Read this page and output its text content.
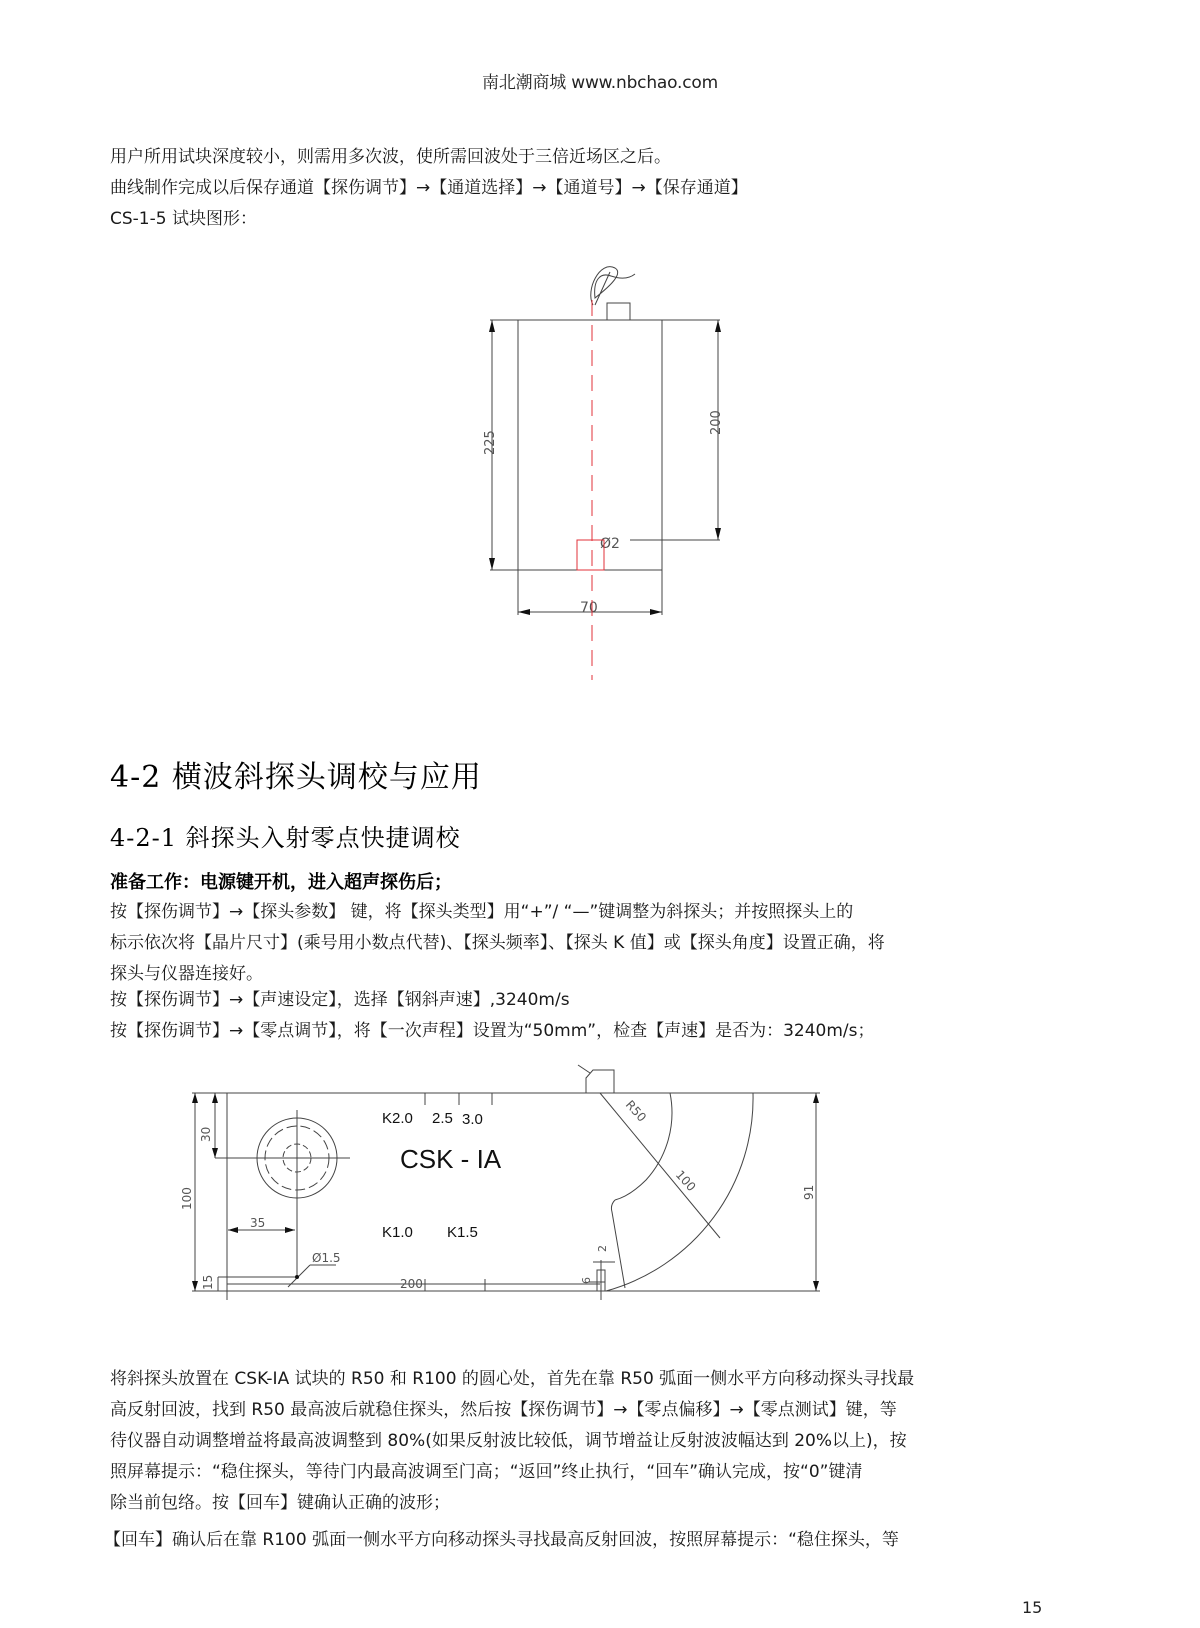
南北潮商城 www.nbchao.com
用户所用试块深度较小，则需用多次波，使所需回波处于三倍近场区之后。
曲线制作完成以后保存通道【探伤调节】→【通道选择】→【通道号】→【保存通道】
CS-1-5 试块图形：
225
200
Ø2
70
4-2 横波斜探头调校与应用
4-2-1 斜探头入射零点快捷调校
准备工作：电源键开机，进入超声探伤后；
按【探伤调节】→【探头参数】 键，将【探头类型】用“+”/ “—”键调整为斜探头；并按照探头上的
标示依次将【晶片尺寸】(乘号用小数点代替)、【探头频率】、【探头 K 值】或【探头角度】设置正确，将
探头与仪器连接好。
按【探伤调节】→【声速设定】，选择【钢斜声速】,3240m/s
按【探伤调节】→【零点调节】，将【一次声程】设置为“50mm”，检查【声速】是否为：3240m/s；
30
100
35
Ø1.5
15	200
R50
100	91
2
6
K2.0 2.5 3.0
CSK - IA
K1.0 K1.5
将斜探头放置在 CSK-IA 试块的 R50 和 R100 的圆心处，首先在靠 R50 弧面一侧水平方向移动探头寻找最
高反射回波，找到 R50 最高波后就稳住探头，然后按【探伤调节】→【零点偏移】→【零点测试】键，等
待仪器自动调整增益将最高波调整到 80%(如果反射波比较低，调节增益让反射波波幅达到 20%以上)，按
照屏幕提示：“稳住探头，等待门内最高波调至门高；“返回”终止执行，“回车”确认完成，按“0”键清
除当前包络。按【回车】键确认正确的波形；
【回车】确认后在靠 R100 弧面一侧水平方向移动探头寻找最高反射回波，按照屏幕提示：“稳住探头，等
15
